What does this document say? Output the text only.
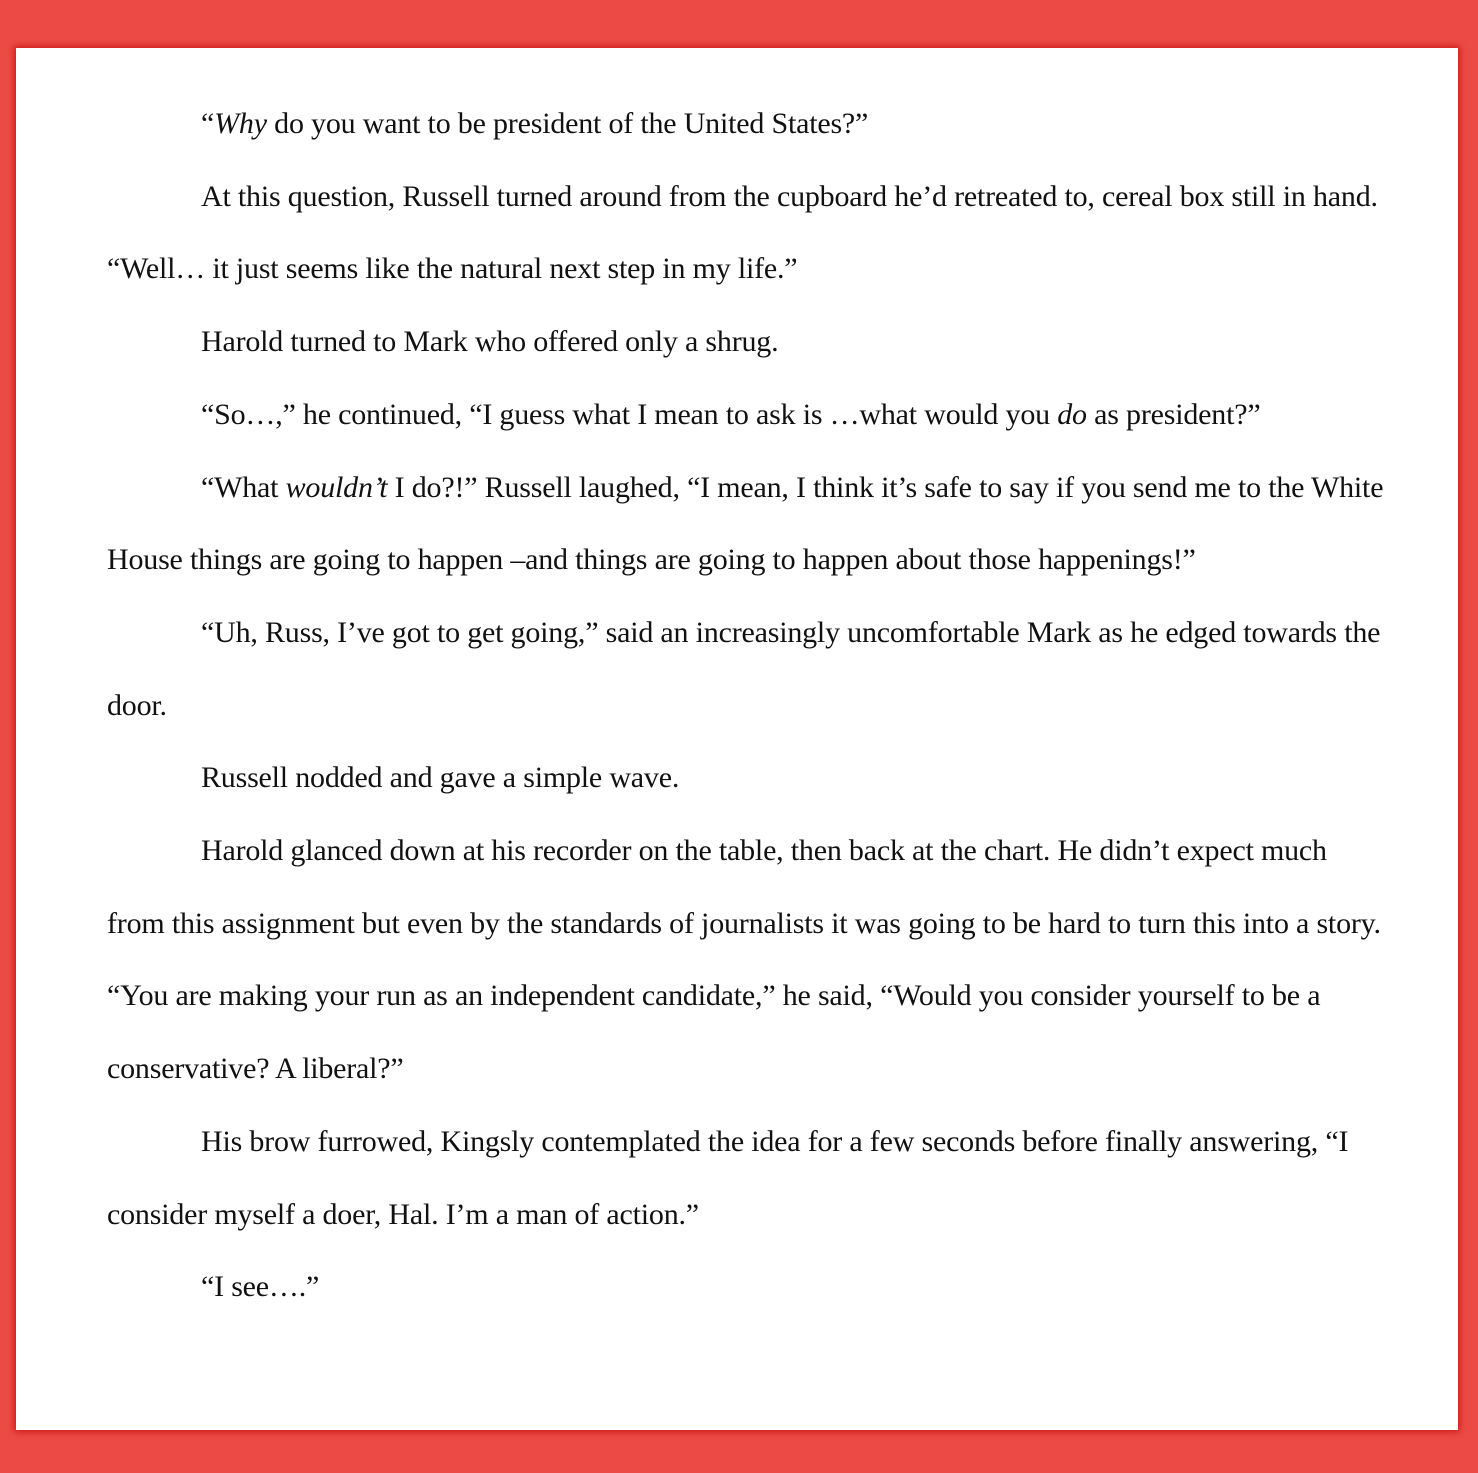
“Why do you want to be president of the United States?”

At this question, Russell turned around from the cupboard he’d retreated to, cereal box still in hand. “Well… it just seems like the natural next step in my life.”

Harold turned to Mark who offered only a shrug.

“So…,” he continued, “I guess what I mean to ask is …what would you do as president?”

“What wouldn’t I do?!” Russell laughed, “I mean, I think it’s safe to say if you send me to the White House things are going to happen –and things are going to happen about those happenings!”

“Uh, Russ, I’ve got to get going,” said an increasingly uncomfortable Mark as he edged towards the door.

Russell nodded and gave a simple wave.

Harold glanced down at his recorder on the table, then back at the chart. He didn’t expect much from this assignment but even by the standards of journalists it was going to be hard to turn this into a story. “You are making your run as an independent candidate,” he said, “Would you consider yourself to be a conservative? A liberal?”

His brow furrowed, Kingsly contemplated the idea for a few seconds before finally answering, “I consider myself a doer, Hal. I’m a man of action.”

“I see….”
